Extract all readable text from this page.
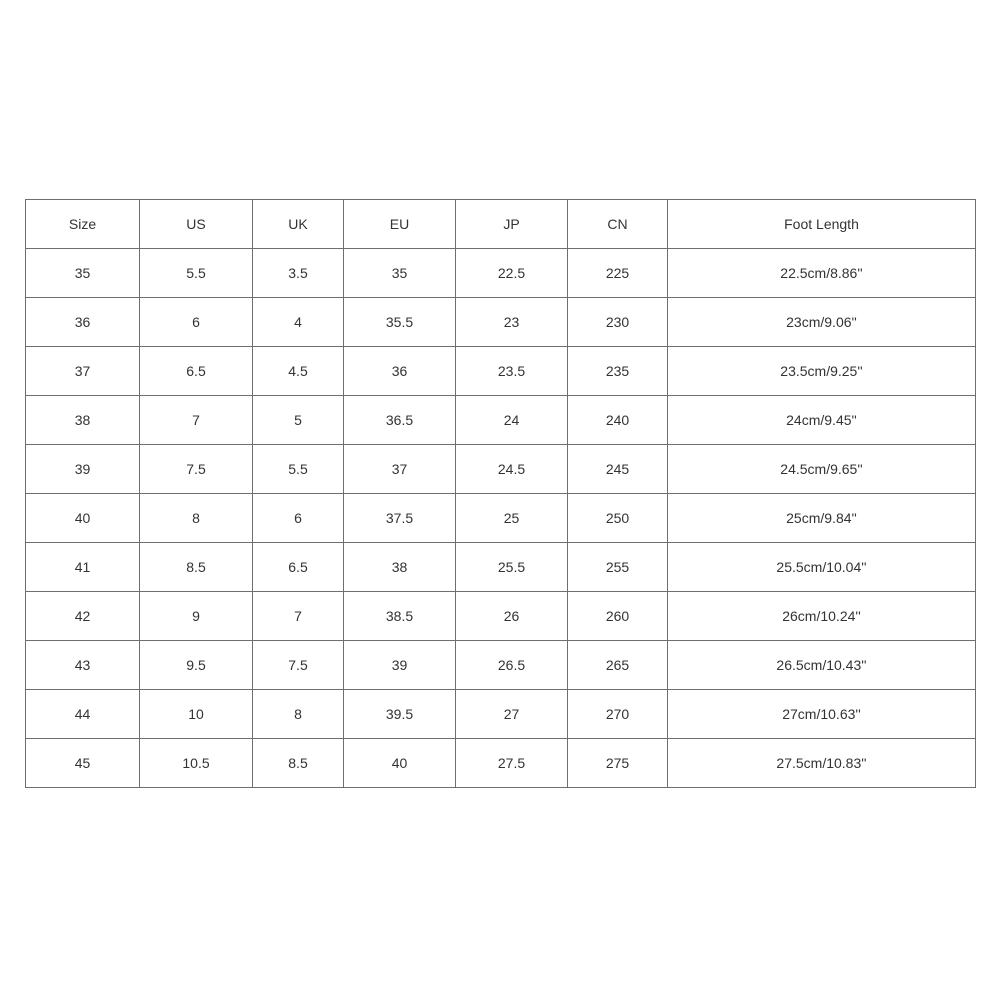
Size	US	UK	EU	JP	CN	Foot Length
35	5.5	3.5	35	22.5	225	22.5cm/8.86''
36	6	4	35.5	23	230	23cm/9.06''
37	6.5	4.5	36	23.5	235	23.5cm/9.25''
38	7	5	36.5	24	240	24cm/9.45''
39	7.5	5.5	37	24.5	245	24.5cm/9.65''
40	8	6	37.5	25	250	25cm/9.84''
41	8.5	6.5	38	25.5	255	25.5cm/10.04''
42	9	7	38.5	26	260	26cm/10.24''
43	9.5	7.5	39	26.5	265	26.5cm/10.43''
44	10	8	39.5	27	270	27cm/10.63''
45	10.5	8.5	40	27.5	275	27.5cm/10.83''
